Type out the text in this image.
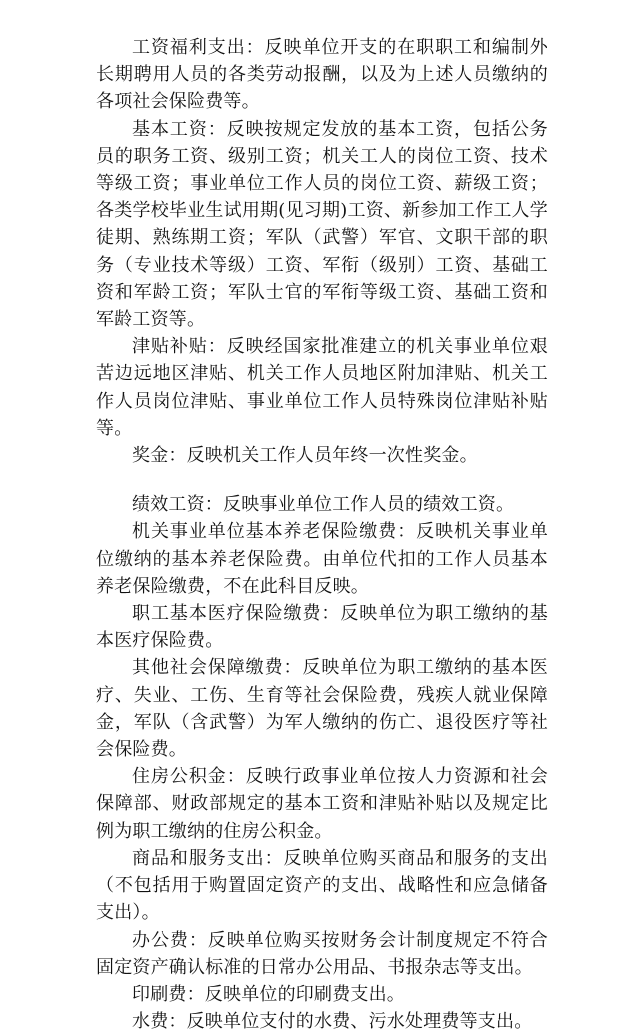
工资福利支出：反映单位开支的在职职工和编制外长期聘用人员的各类劳动报酬，以及为上述人员缴纳的各项社会保险费等。

基本工资：反映按规定发放的基本工资，包括公务员的职务工资、级别工资；机关工人的岗位工资、技术等级工资；事业单位工作人员的岗位工资、薪级工资；各类学校毕业生试用期(见习期)工资、新参加工作工人学徒期、熟练期工资；军队（武警）军官、文职干部的职务（专业技术等级）工资、军衔（级别）工资、基础工资和军龄工资；军队士官的军衔等级工资、基础工资和军龄工资等。

津贴补贴：反映经国家批准建立的机关事业单位艰苦边远地区津贴、机关工作人员地区附加津贴、机关工作人员岗位津贴、事业单位工作人员特殊岗位津贴补贴等。

奖金：反映机关工作人员年终一次性奖金。

绩效工资：反映事业单位工作人员的绩效工资。

机关事业单位基本养老保险缴费：反映机关事业单位缴纳的基本养老保险费。由单位代扣的工作人员基本养老保险缴费，不在此科目反映。

职工基本医疗保险缴费：反映单位为职工缴纳的基本医疗保险费。

其他社会保障缴费：反映单位为职工缴纳的基本医疗、失业、工伤、生育等社会保险费，残疾人就业保障金，军队（含武警）为军人缴纳的伤亡、退役医疗等社会保险费。

住房公积金：反映行政事业单位按人力资源和社会保障部、财政部规定的基本工资和津贴补贴以及规定比例为职工缴纳的住房公积金。

商品和服务支出：反映单位购买商品和服务的支出（不包括用于购置固定资产的支出、战略性和应急储备支出）。

办公费：反映单位购买按财务会计制度规定不符合固定资产确认标准的日常办公用品、书报杂志等支出。

印刷费：反映单位的印刷费支出。

水费：反映单位支付的水费、污水处理费等支出。
